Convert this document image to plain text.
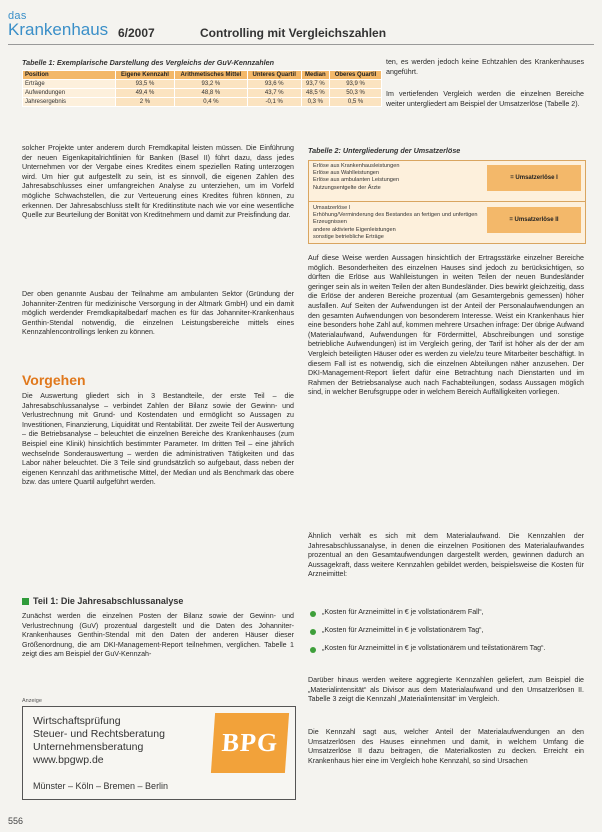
das
Krankenhaus 6/2007	Controlling mit Vergleichszahlen
Tabelle 1: Exemplarische Darstellung des Vergleichs der GuV-Kennzahlen
Position	Eigene Kennzahl	Arithmetisches Mittel	Unteres Quartil	Median	Oberes Quartil
Erträge	93,5 %	93,2 %	93,6 %	93,7 %	93,9 %
Aufwendungen	49,4 %	48,8 %	43,7 %	48,5 %	50,3 %
Jahresergebnis	2 %	0,4 %	-0,1 %	0,3 %	0,5 %
ten, es werden jedoch keine Echtzahlen des Krankenhauses angeführt.
Im vertiefenden Vergleich werden die einzelnen Bereiche weiter untergliedert am Beispiel der Umsatzerlöse (Tabelle 2).
solcher Projekte unter anderem durch Fremdkapital leisten müssen. Die Einführung der neuen Eigenkapitalrichtlinien für Banken (Basel II) führt dazu, dass jedes Unternehmen vor der Vergabe eines Kredites einem speziellen Rating unterzogen wird. Um hier gut aufgestellt zu sein, ist es sinnvoll, die eigenen Zahlen des Jahresabschlusses einer umfangreichen Analyse zu unterziehen, um im Vorfeld mögliche Schwachstellen, die zur Verteuerung eines Kredites führen können, zu erkennen. Der Jahresabschluss stellt für Kreditinstitute nach wie vor eine wesentliche Quelle zur Beurteilung der Bonität von Kreditnehmern und damit zur Preisfindung dar.
Der oben genannte Ausbau der Teilnahme am ambulanten Sektor (Gründung der Johanniter-Zentren für medizinische Versorgung in der Altmark GmbH) und ein damit möglich werdender Fremdkapitalbedarf machen es für das Johanniter-Krankenhaus Genthin-Stendal notwendig, die einzelnen Leistungsbereiche mittels eines Kennzahlencontrollings lenken zu können.
Vorgehen
Die Auswertung gliedert sich in 3 Bestandteile, der erste Teil – die Jahresabschlussanalyse – verbindet Zahlen der Bilanz sowie der Gewinn- und Verlustrechnung mit Grund- und Kostendaten und ermöglicht so Aussagen zu Investitionen, Finanzierung, Liquidität und Rentabilität. Der zweite Teil der Auswertung – die Betriebsanalyse – beleuchtet die einzelnen Bereiche des Krankenhauses (zum Beispiel eine Klinik) hinsichtlich bestimmter Parameter. Im dritten Teil – eine jährlich wechselnde Sonderauswertung – werden die administrativen Tätigkeiten und das Labor näher beleuchtet. Die 3 Teile sind grundsätzlich so aufgebaut, dass neben der eigenen Kennzahl das arithmetische Mittel, der Median und als Benchmark das obere bzw. das untere Quartil aufgeführt werden.
Teil 1: Die Jahresabschlussanalyse
Zunächst werden die einzelnen Posten der Bilanz sowie der Gewinn- und Verlustrechnung (GuV) prozentual dargestellt und die Daten des Johanniter-Krankenhauses Genthin-Stendal mit den Daten der anderen Häuser dieser Größenordnung, die am DKI-Management-Report teilnehmen, verglichen. Tabelle 1 zeigt dies am Beispiel der GuV-Kennzah-
Tabelle 2: Untergliederung der Umsatzerlöse
Erlöse aus Krankenhausleistungen
Erlöse aus Wahlleistungen
Erlöse aus ambulanten Leistungen
Nutzungsentgelte der Ärzte
= Umsatzerlöse I
Umsatzerlöse I
Erhöhung/Verminderung des Bestandes an fertigen und unfertigen Erzeugnissen
andere aktivierte Eigenleistungen
sonstige betriebliche Erträge
= Umsatzerlöse II
Auf diese Weise werden Aussagen hinsichtlich der Ertragsstärke einzelner Bereiche möglich. Besonderheiten des einzelnen Hauses sind jedoch zu berücksichtigen, so dürften die Erlöse aus Wahlleistungen in weiten Teilen der neuen Bundesländer geringer sein als in weiten Teilen der alten Bundesländer. Dies bewirkt gleichzeitig, dass die Erlöse der anderen Bereiche prozentual (am Gesamtergebnis gemessen) höher ausfallen. Auf Seiten der Aufwendungen ist der Anteil der Personalaufwendungen an den gesamten Aufwendungen von besonderem Interesse. Weist ein Krankenhaus hier eine besonders hohe Zahl auf, kommen mehrere Ursachen infrage: Der übrige Aufwand (Materialaufwand, Aufwendungen für Fördermittel, Abschreibungen und sonstige betriebliche Aufwendungen) ist im Vergleich gering, der Tarif ist höher als der der am Vergleich beteiligten Häuser oder es werden zu viele/zu teure Mitarbeiter beschäftigt. In diesem Fall ist es notwendig, sich die einzelnen Abteilungen näher anzusehen. Der DKI-Management-Report liefert dafür eine Betrachtung nach Dienstarten und im Rahmen der Betriebsanalyse auch nach Fachabteilungen, sodass Aussagen möglich sind, in welcher Berufsgruppe oder in welchem Bereich Auffälligkeiten vorliegen.
Ähnlich verhält es sich mit dem Materialaufwand. Die Kennzahlen der Jahresabschlussanalyse, in denen die einzelnen Positionen des Materialaufwandes prozentual an den Gesamtaufwendungen dargestellt werden, gewinnen dadurch an Aussagekraft, dass weitere Kennzahlen gebildet werden, beispielsweise die Kosten für Arzneimittel:
„Kosten für Arzneimittel in € je vollstationärem Fall“,
„Kosten für Arzneimittel in € je vollstationärem Tag“,
„Kosten für Arzneimittel in € je vollstationärem und teilstationärem Tag“.
Darüber hinaus werden weitere aggregierte Kennzahlen geliefert, zum Beispiel die „Materialintensität“ als Divisor aus dem Materialaufwand und den Umsatzerlösen II. Tabelle 3 zeigt die Kennzahl „Materialintensität“ im Vergleich.
Die Kennzahl sagt aus, welcher Anteil der Materialaufwendungen an den Umsatzerlösen des Hauses einnehmen und damit, in welchem Umfang die Umsatzerlöse II dazu beitragen, die Materialkosten zu decken. Erreicht ein Krankenhaus hier eine im Vergleich hohe Kennzahl, so sind Ursachen
Anzeige
Wirtschaftsprüfung
Steuer- und Rechtsberatung
Unternehmensberatung
www.bpgwp.de
BPG
Münster – Köln – Bremen – Berlin
556
